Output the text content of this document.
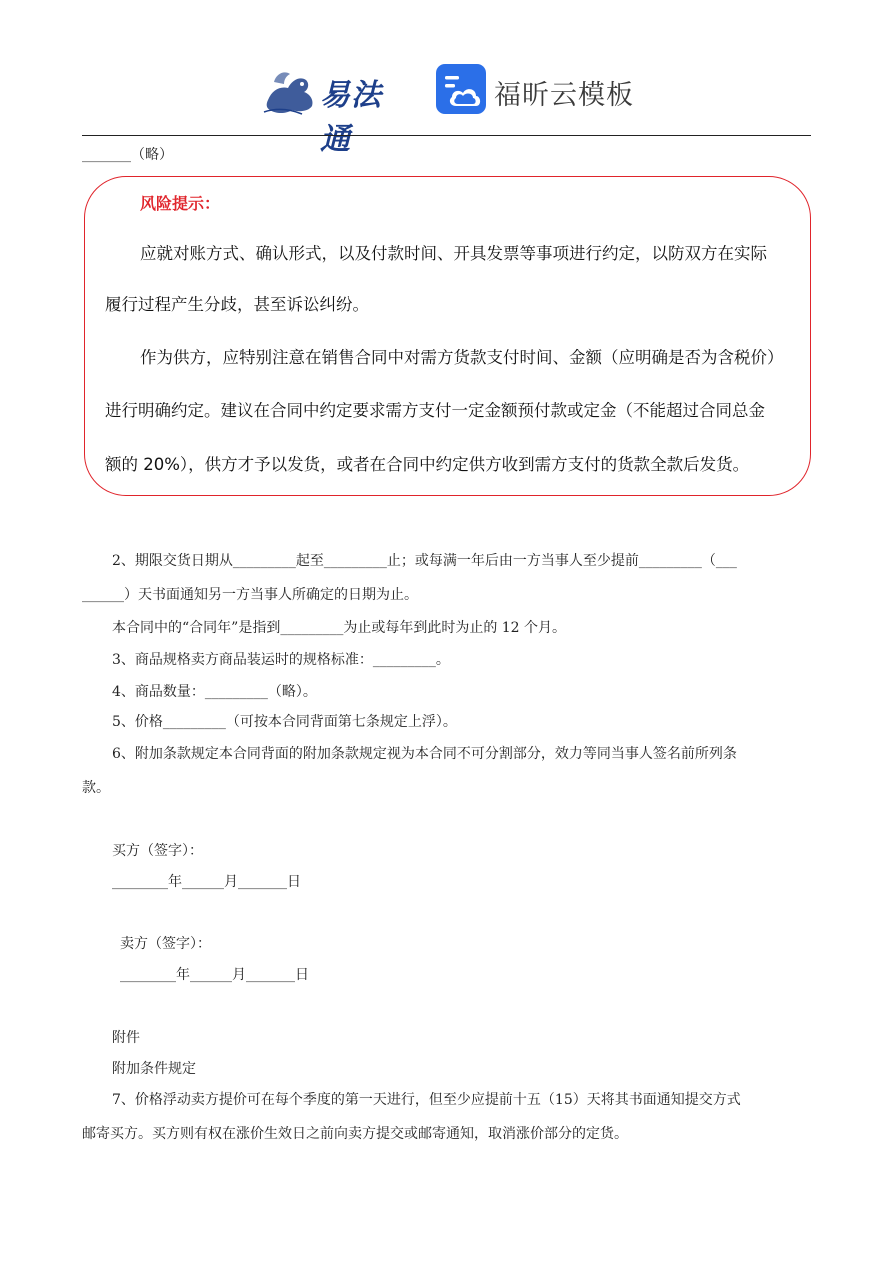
易法通
福昕云模板
_______（略）
风险提示：
应就对账方式、确认形式，以及付款时间、开具发票等事项进行约定，以防双方在实际
履行过程产生分歧，甚至诉讼纠纷。
作为供方，应特别注意在销售合同中对需方货款支付时间、金额（应明确是否为含税价）
进行明确约定。建议在合同中约定要求需方支付一定金额预付款或定金（不能超过合同总金
额的 20%），供方才予以发货，或者在合同中约定供方收到需方支付的货款全款后发货。
2、期限交货日期从_________起至_________止；或每满一年后由一方当事人至少提前_________（___
______）天书面通知另一方当事人所确定的日期为止。
本合同中的“合同年”是指到_________为止或每年到此时为止的 12 个月。
3、商品规格卖方商品装运时的规格标准：_________。
4、商品数量：_________（略）。
5、价格_________（可按本合同背面第七条规定上浮）。
6、附加条款规定本合同背面的附加条款规定视为本合同不可分割部分，效力等同当事人签名前所列条
款。
买方（签字）：
________年______月_______日
卖方（签字）：
________年______月_______日
附件
附加条件规定
7、价格浮动卖方提价可在每个季度的第一天进行，但至少应提前十五（15）天将其书面通知提交方式
邮寄买方。买方则有权在涨价生效日之前向卖方提交或邮寄通知，取消涨价部分的定货。
